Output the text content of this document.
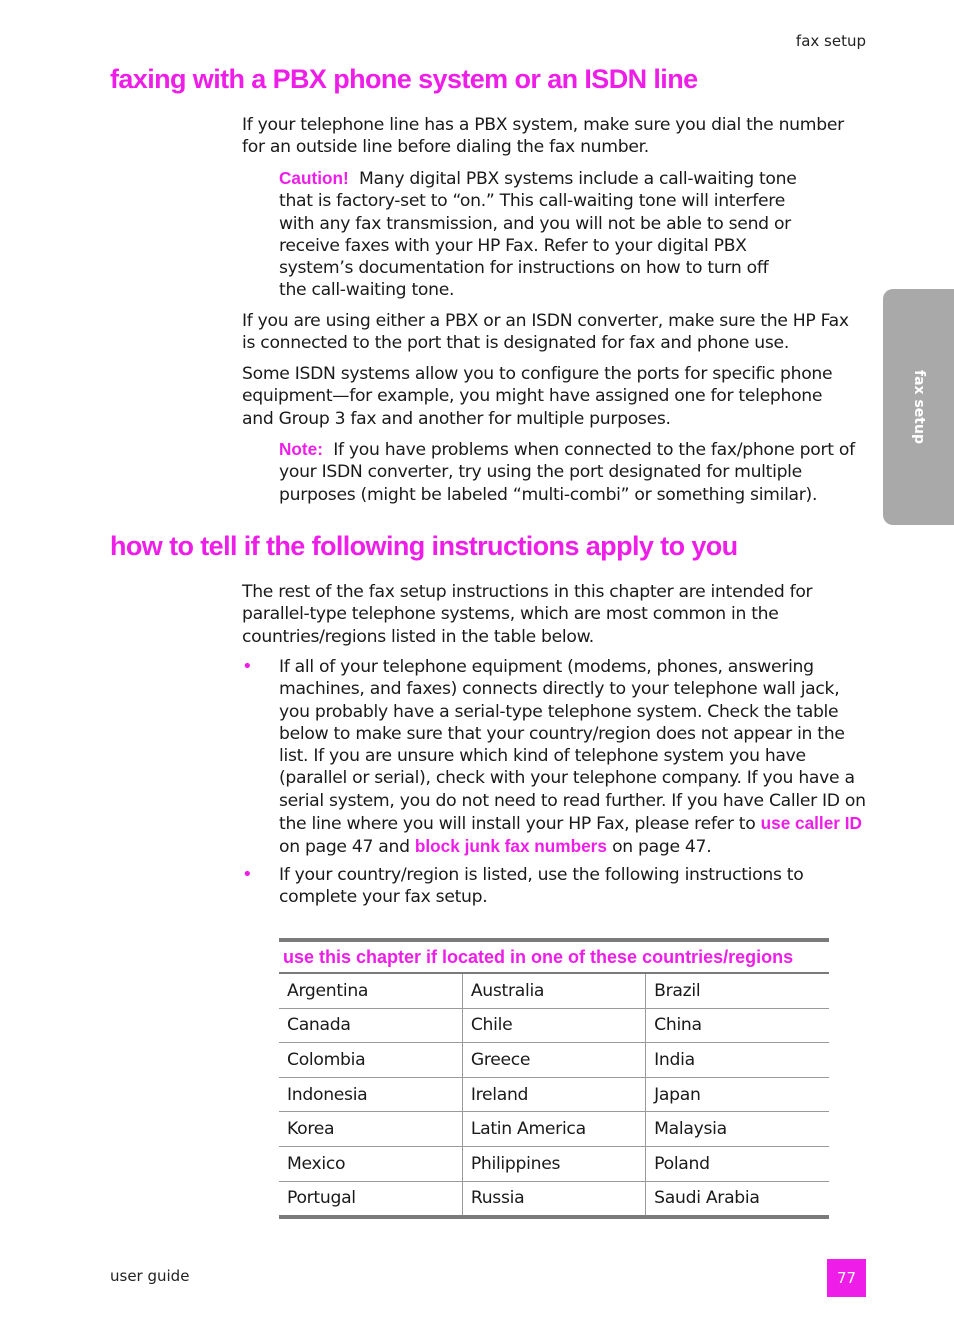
fax setup
fax setup
faxing with a PBX phone system or an ISDN line

If your telephone line has a PBX system, make sure you dial the number for an outside line before dialing the fax number.

Caution! Many digital PBX systems include a call-waiting tone that is factory-set to “on.” This call-waiting tone will interfere with any fax transmission, and you will not be able to send or receive faxes with your HP Fax. Refer to your digital PBX system’s documentation for instructions on how to turn off the call-waiting tone.

If you are using either a PBX or an ISDN converter, make sure the HP Fax is connected to the port that is designated for fax and phone use.

Some ISDN systems allow you to configure the ports for specific phone equipment—for example, you might have assigned one for telephone and Group 3 fax and another for multiple purposes.

Note: If you have problems when connected to the fax/phone port of your ISDN converter, try using the port designated for multiple purposes (might be labeled “multi-combi” or something similar).

how to tell if the following instructions apply to you

The rest of the fax setup instructions in this chapter are intended for parallel-type telephone systems, which are most common in the countries/regions listed in the table below.

• If all of your telephone equipment (modems, phones, answering machines, and faxes) connects directly to your telephone wall jack, you probably have a serial-type telephone system. Check the table below to make sure that your country/region does not appear in the list. If you are unsure which kind of telephone system you have (parallel or serial), check with your telephone company. If you have a serial system, you do not need to read further. If you have Caller ID on the line where you will install your HP Fax, please refer to use caller ID on page 47 and block junk fax numbers on page 47.

• If your country/region is listed, use the following instructions to complete your fax setup.

use this chapter if located in one of these countries/regions		
Argentina	Australia	Brazil
Canada	Chile	China
Colombia	Greece	India
Indonesia	Ireland	Japan
Korea	Latin America	Malaysia
Mexico	Philippines	Poland
Portugal	Russia	Saudi Arabia
user guide	77
